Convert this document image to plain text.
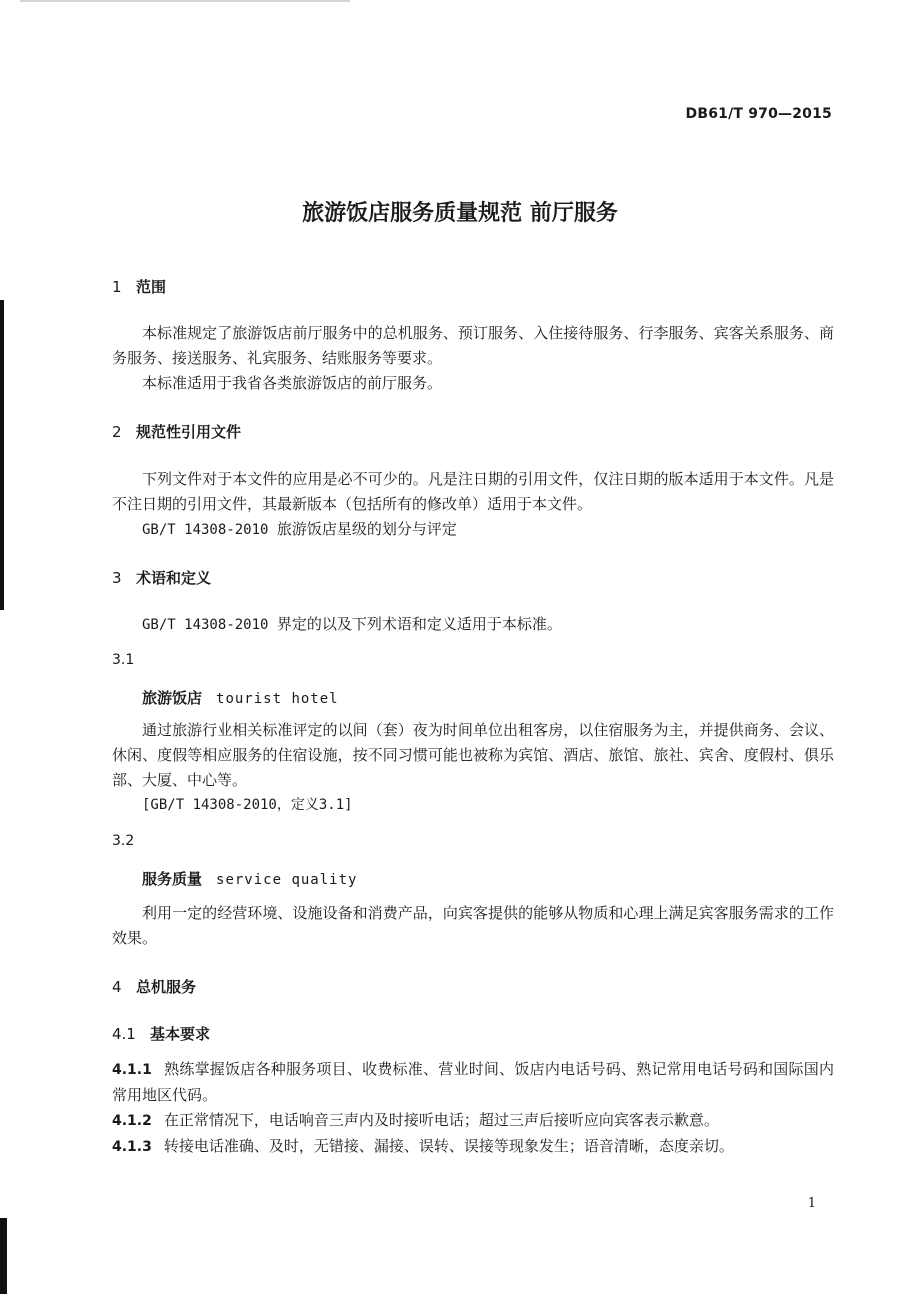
DB61/T 970—2015
旅游饭店服务质量规范 前厅服务
1 范围

本标准规定了旅游饭店前厅服务中的总机服务、预订服务、入住接待服务、行李服务、宾客关系服务、商务服务、接送服务、礼宾服务、结账服务等要求。

本标准适用于我省各类旅游饭店的前厅服务。

2 规范性引用文件

下列文件对于本文件的应用是必不可少的。凡是注日期的引用文件，仅注日期的版本适用于本文件。凡是不注日期的引用文件，其最新版本（包括所有的修改单）适用于本文件。

GB/T 14308-2010 旅游饭店星级的划分与评定
3 术语和定义
GB/T 14308-2010 界定的以及下列术语和定义适用于本标准。
3.1
旅游饭店 tourist hotel

通过旅游行业相关标准评定的以间（套）夜为时间单位出租客房，以住宿服务为主，并提供商务、会议、休闲、度假等相应服务的住宿设施，按不同习惯可能也被称为宾馆、酒店、旅馆、旅社、宾舍、度假村、俱乐部、大厦、中心等。

[GB/T 14308-2010，定义3.1]
3.2
服务质量 service quality

利用一定的经营环境、设施设备和消费产品，向宾客提供的能够从物质和心理上满足宾客服务需求的工作效果。

4 总机服务
4.1 基本要求

4.1.1 熟练掌握饭店各种服务项目、收费标准、营业时间、饭店内电话号码、熟记常用电话号码和国际国内常用地区代码。

4.1.2 在正常情况下，电话响音三声内及时接听电话；超过三声后接听应向宾客表示歉意。

4.1.3 转接电话准确、及时，无错接、漏接、误转、误接等现象发生；语音清晰，态度亲切。

1
